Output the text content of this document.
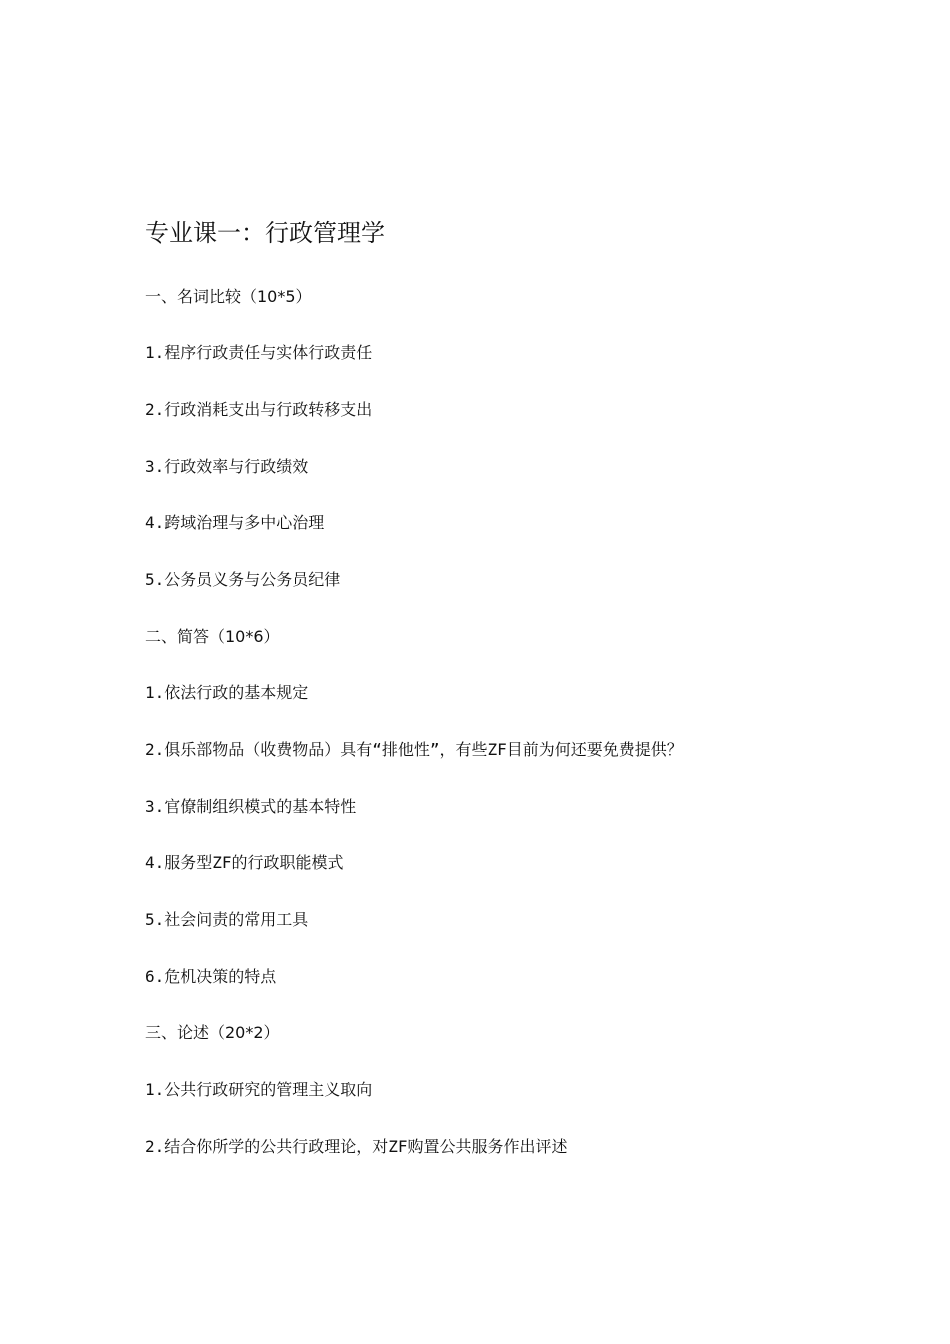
专业课一：行政管理学

一、名词比较（10*5）

1.程序行政责任与实体行政责任

2.行政消耗支出与行政转移支出

3.行政效率与行政绩效

4.跨域治理与多中心治理

5.公务员义务与公务员纪律

二、简答（10*6）

1.依法行政的基本规定

2.俱乐部物品（收费物品）具有“排他性”，有些ZF目前为何还要免费提供？

3.官僚制组织模式的基本特性

4.服务型ZF的行政职能模式

5.社会问责的常用工具

6.危机决策的特点

三、论述（20*2）

1.公共行政研究的管理主义取向

2.结合你所学的公共行政理论，对ZF购置公共服务作出评述
